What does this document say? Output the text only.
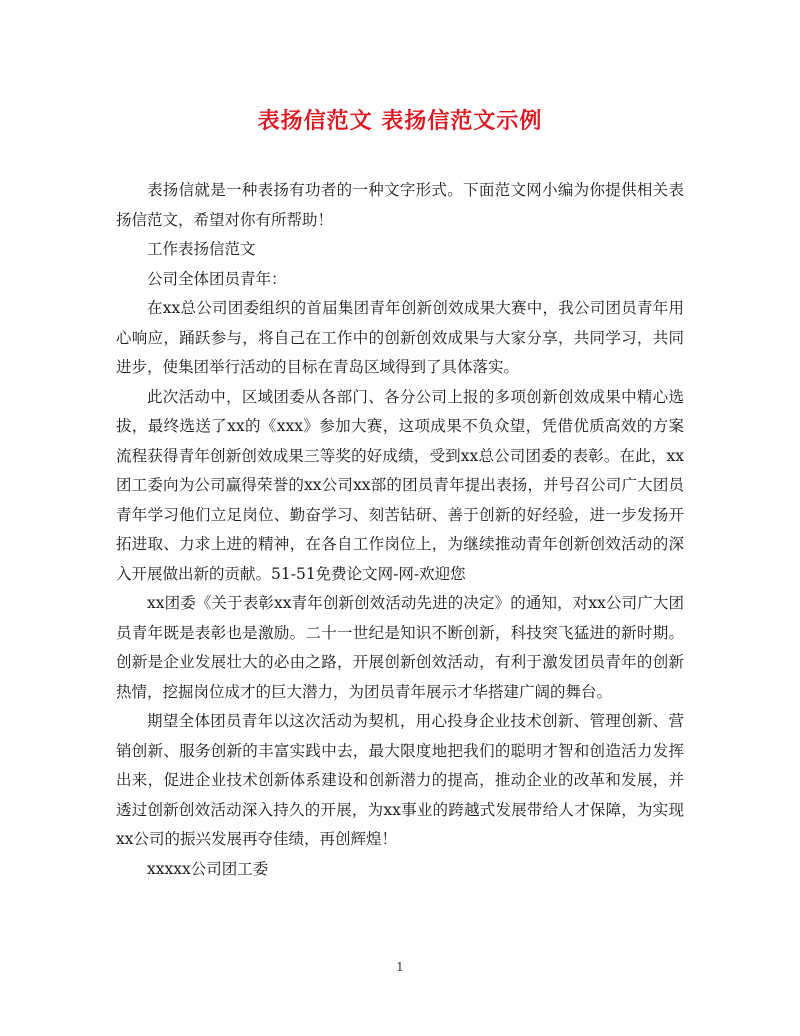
表扬信范文 表扬信范文示例

表扬信就是一种表扬有功者的一种文字形式。下面范文网小编为你提供相关表扬信范文，希望对你有所帮助！

工作表扬信范文

公司全体团员青年：

在xx总公司团委组织的首届集团青年创新创效成果大赛中，我公司团员青年用心响应，踊跃参与，将自己在工作中的创新创效成果与大家分享，共同学习，共同进步，使集团举行活动的目标在青岛区域得到了具体落实。

此次活动中，区域团委从各部门、各分公司上报的多项创新创效成果中精心选拔，最终选送了xx的《xxx》参加大赛，这项成果不负众望，凭借优质高效的方案流程获得青年创新创效成果三等奖的好成绩，受到xx总公司团委的表彰。在此，xx团工委向为公司赢得荣誉的xx公司xx部的团员青年提出表扬，并号召公司广大团员青年学习他们立足岗位、勤奋学习、刻苦钻研、善于创新的好经验，进一步发扬开拓进取、力求上进的精神，在各自工作岗位上，为继续推动青年创新创效活动的深入开展做出新的贡献。51-51免费论文网-网-欢迎您

xx团委《关于表彰xx青年创新创效活动先进的决定》的通知，对xx公司广大团员青年既是表彰也是激励。二十一世纪是知识不断创新，科技突飞猛进的新时期。创新是企业发展壮大的必由之路，开展创新创效活动，有利于激发团员青年的创新热情，挖掘岗位成才的巨大潜力，为团员青年展示才华搭建广阔的舞台。

期望全体团员青年以这次活动为契机，用心投身企业技术创新、管理创新、营销创新、服务创新的丰富实践中去，最大限度地把我们的聪明才智和创造活力发挥出来，促进企业技术创新体系建设和创新潜力的提高，推动企业的改革和发展，并透过创新创效活动深入持久的开展，为xx事业的跨越式发展带给人才保障，为实现xx公司的振兴发展再夺佳绩，再创辉煌！

xxxxx公司团工委

1
